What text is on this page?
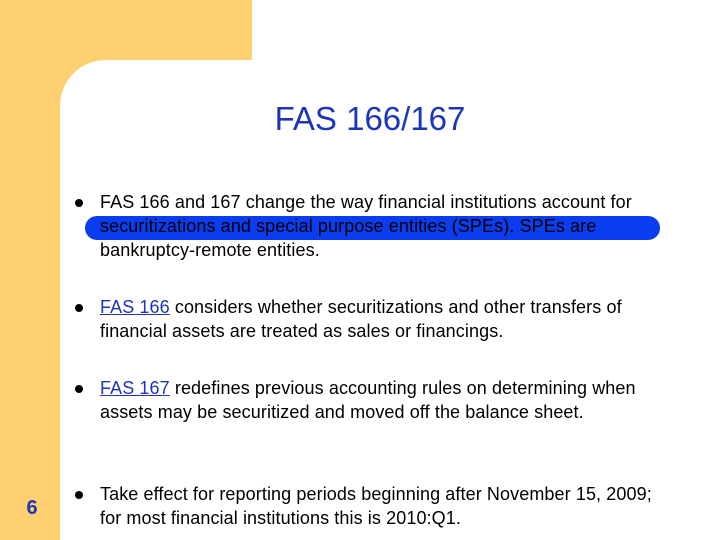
FAS 166/167
FAS 166 and 167 change the way financial institutions account for securitizations and special purpose entities (SPEs). SPEs are bankruptcy-remote entities.
FAS 166 considers whether securitizations and other transfers of financial assets are treated as sales or financings.
FAS 167 redefines previous accounting rules on determining when assets may be securitized and moved off the balance sheet.
Take effect for reporting periods beginning after November 15, 2009; for most financial institutions this is 2010:Q1.
6
